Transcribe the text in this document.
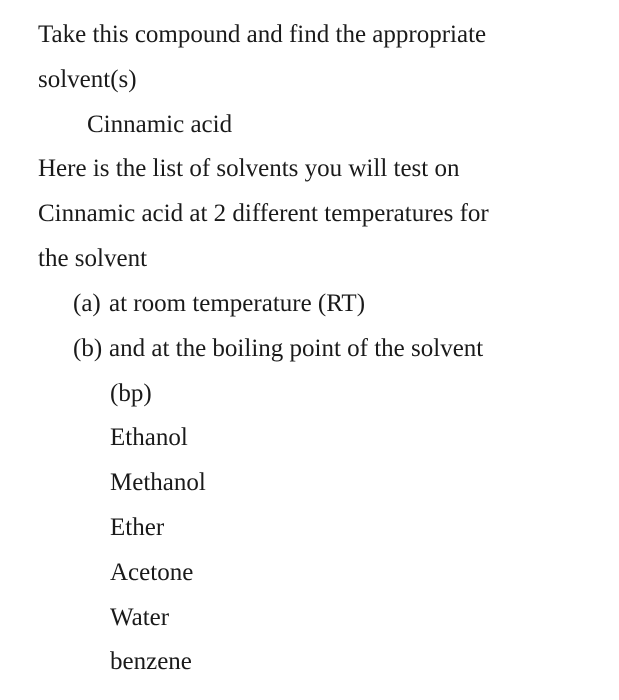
Take this compound and find the appropriate
solvent(s)
Cinnamic acid
Here is the list of solvents you will test on
Cinnamic acid at 2 different temperatures for
the solvent
(a) at room temperature (RT)
(b) and at the boiling point of the solvent
(bp)
Ethanol
Methanol
Ether
Acetone
Water
benzene
